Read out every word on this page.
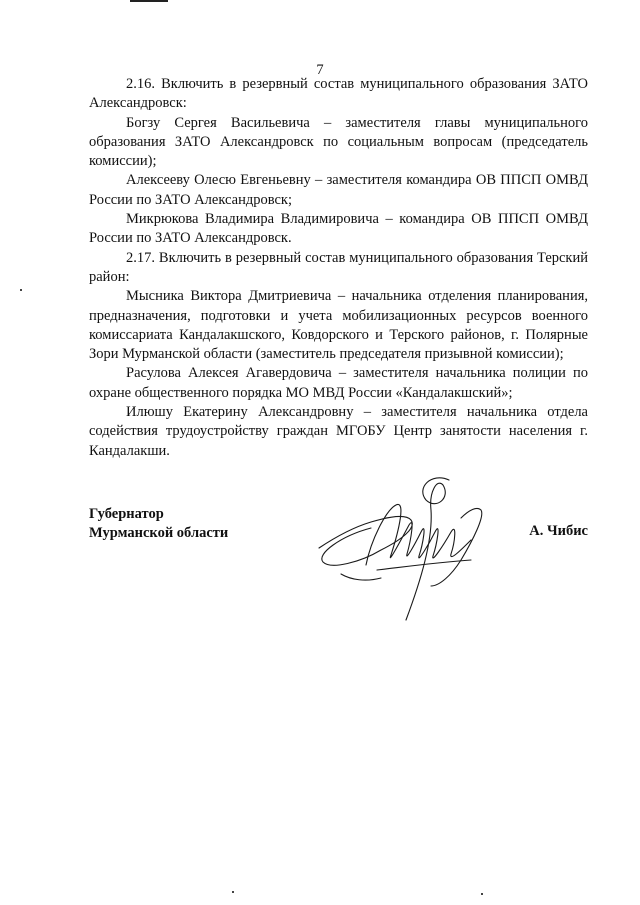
7

2.16. Включить в резервный состав муниципального образования ЗАТО Александровск:

Богзу Сергея Васильевича – заместителя главы муниципального образования ЗАТО Александровск по социальным вопросам (председатель комиссии);

Алексееву Олесю Евгеньевну – заместителя командира ОВ ППСП ОМВД России по ЗАТО Александровск;

Микрюкова Владимира Владимировича – командира ОВ ППСП ОМВД России по ЗАТО Александровск.

2.17. Включить в резервный состав муниципального образования Терский район:

Мысника Виктора Дмитриевича – начальника отделения планирования, предназначения, подготовки и учета мобилизационных ресурсов военного комиссариата Кандалакшского, Ковдорского и Терского районов, г. Полярные Зори Мурманской области (заместитель председателя призывной комиссии);

Расулова Алексея Агавердовича – заместителя начальника полиции по охране общественного порядка МО МВД России «Кандалакшский»;

Илюшу Екатерину Александровну – заместителя начальника отдела содействия трудоустройству граждан МГОБУ Центр занятости населения г. Кандалакши.

Губернатор
Мурманской области	А. Чибис
